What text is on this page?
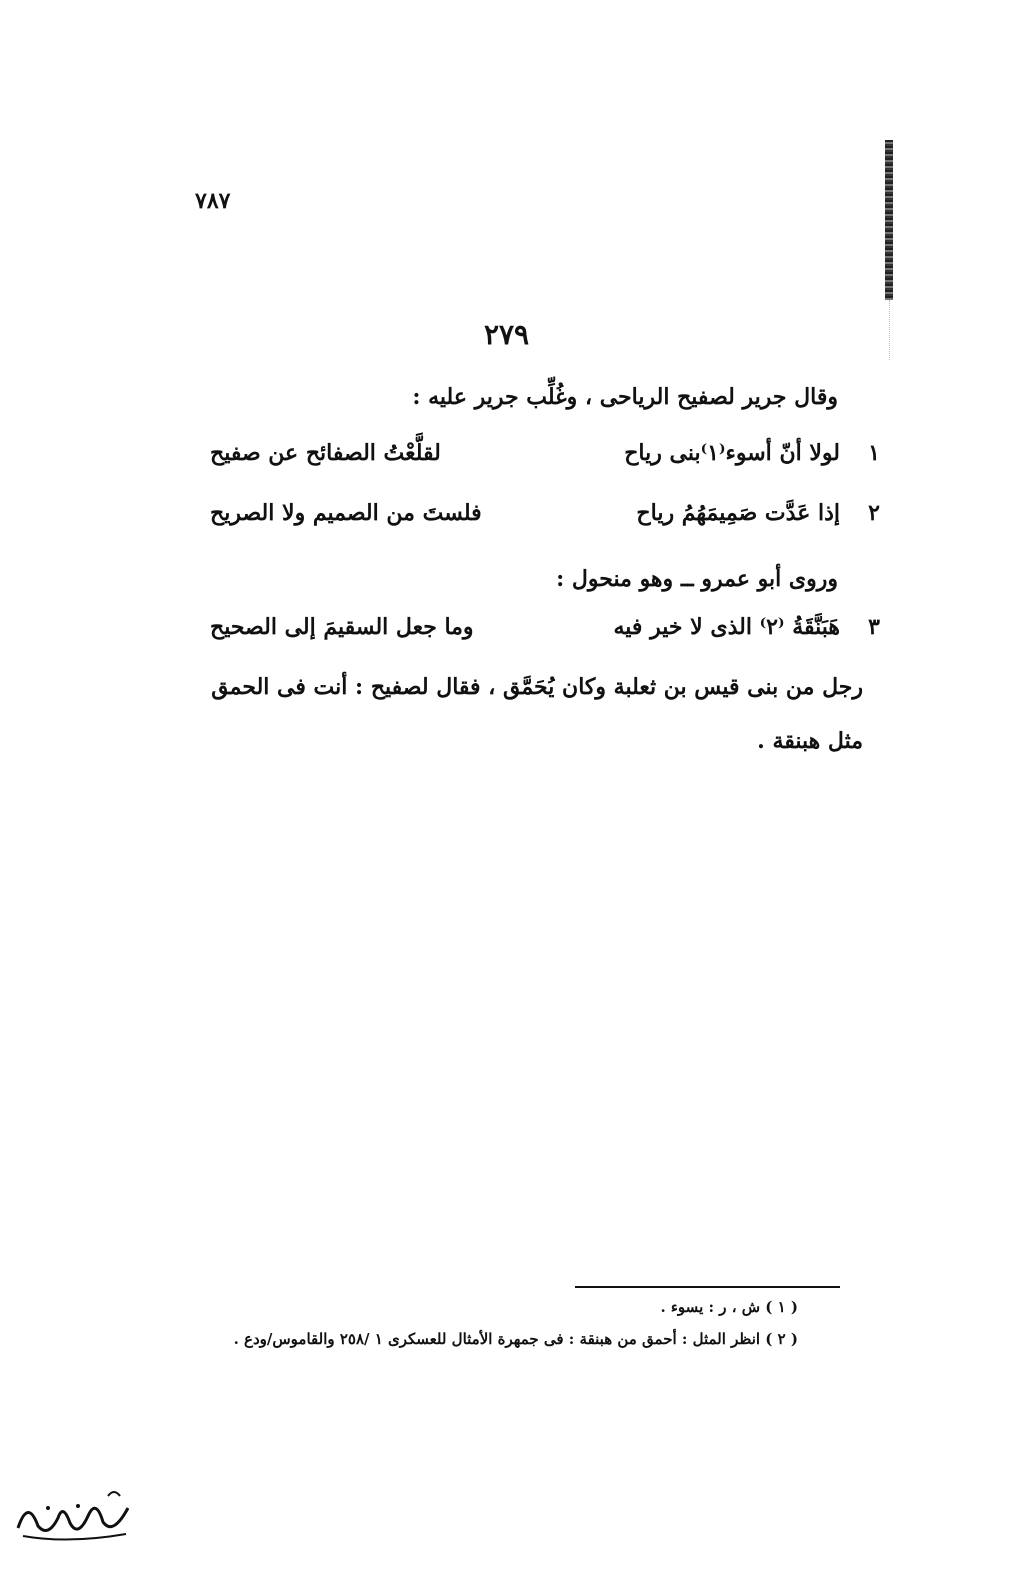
٧٨٧
٢٧٩
وقال جرير لصفيح الرياحى ، وغُلِّب جرير عليه :
١
لولا أنّ أسوء⁽١⁾بنى رياح
لقلَّعْتُ الصفائح عن صفيح
٢
إذا عَدَّت صَمِيمَهُمُ رياح
فلستَ من الصميم ولا الصريح
وروى أبو عمرو ــ وهو منحول :
٣
هَبَنَّقَةُ ⁽٢⁾ الذى لا خير فيه
وما جعل السقيمَ إلى الصحيح
رجل من بنى قيس بن ثعلبة وكان يُحَمَّق ، فقال لصفيح : أنت فى الحمق مثل هبنقة .
( ١ ) ش ، ر : يسوء .
( ٢ ) انظر المثل : أحمق من هبنقة : فى جمهرة الأمثال للعسكرى ١ /٢٥٨ والقاموس/ودع .
